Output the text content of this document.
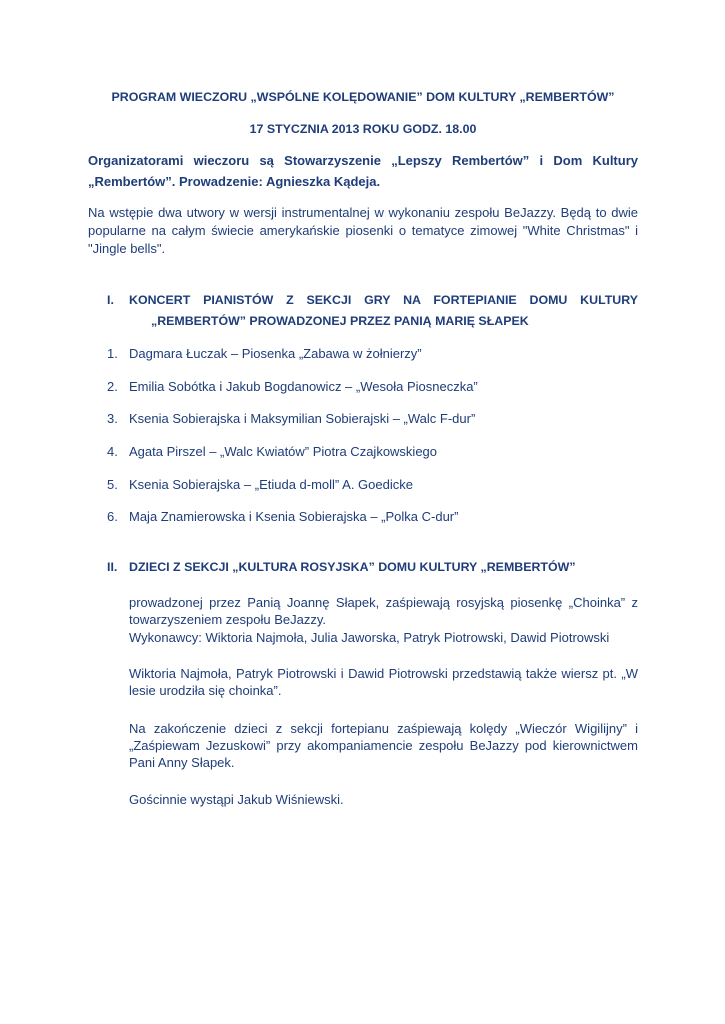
PROGRAM WIECZORU „WSPÓLNE KOLĘDOWANIE” DOM KULTURY „REMBERTÓW”
17 STYCZNIA 2013 ROKU GODZ. 18.00
Organizatorami wieczoru są Stowarzyszenie „Lepszy Rembertów” i Dom Kultury „Rembertów”. Prowadzenie: Agnieszka Kądeja.
Na wstępie dwa utwory w wersji instrumentalnej w wykonaniu zespołu BeJazzy. Będą to dwie popularne na całym świecie amerykańskie piosenki o tematyce zimowej "White Christmas" i "Jingle bells".
I. KONCERT PIANISTÓW Z SEKCJI GRY NA FORTEPIANIE DOMU KULTURY
„REMBERTÓW” PROWADZONEJ PRZEZ PANIĄ MARIĘ SŁAPEK
1. Dagmara Łuczak – Piosenka „Zabawa w żołnierzy”
2. Emilia Sobótka i Jakub Bogdanowicz – „Wesoła Piosneczka”
3. Ksenia Sobierajska i Maksymilian Sobierajski – „Walc F-dur”
4. Agata Pirszel – „Walc Kwiatów” Piotra Czajkowskiego
5. Ksenia Sobierajska – „Etiuda d-moll” A. Goedicke
6. Maja Znamierowska i Ksenia Sobierajska – „Polka C-dur”
II. DZIECI Z SEKCJI „KULTURA ROSYJSKA” DOMU KULTURY „REMBERTÓW”
prowadzonej przez Panią Joannę Słapek, zaśpiewają rosyjską piosenkę „Choinka” z towarzyszeniem zespołu BeJazzy.
Wykonawcy: Wiktoria Najmoła, Julia Jaworska, Patryk Piotrowski, Dawid Piotrowski
Wiktoria Najmoła, Patryk Piotrowski i Dawid Piotrowski przedstawią także wiersz pt. „W lesie urodziła się choinka”.
Na zakończenie dzieci z sekcji fortepianu zaśpiewają kolędy „Wieczór Wigilijny” i „Zaśpiewam Jezuskowi” przy akompaniamencie zespołu BeJazzy pod kierownictwem Pani Anny Słapek.
Gościnnie wystąpi Jakub Wiśniewski.
